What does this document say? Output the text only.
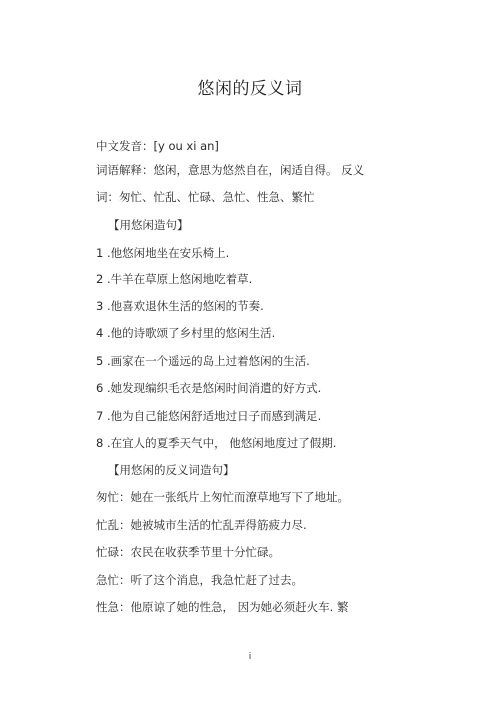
悠闲的反义词
中文发音：[y ou xi an]
词语解释：悠闲，意思为悠然自在，闲适自得。 反义
词：匆忙、忙乱、忙碌、急忙、性急、繁忙
【用悠闲造句】
1 .他悠闲地坐在安乐椅上.
2 .牛羊在草原上悠闲地吃着草.
3 .他喜欢退休生活的悠闲的节奏.
4 .他的诗歌颂了乡村里的悠闲生活.
5 .画家在一个遥远的岛上过着悠闲的生活.
6 .她发现编织毛衣是悠闲时间消遣的好方式.
7 .他为自己能悠闲舒适地过日子而感到满足.
8 .在宜人的夏季天气中， 他悠闲地度过了假期.
【用悠闲的反义词造句】
匆忙：她在一张纸片上匆忙而潦草地写下了地址。
忙乱：她被城市生活的忙乱弄得筋疲力尽.
忙碌：农民在收获季节里十分忙碌。
急忙：听了这个消息，我急忙赶了过去。
性急：他原谅了她的性急， 因为她必须赶火车. 繁
i
